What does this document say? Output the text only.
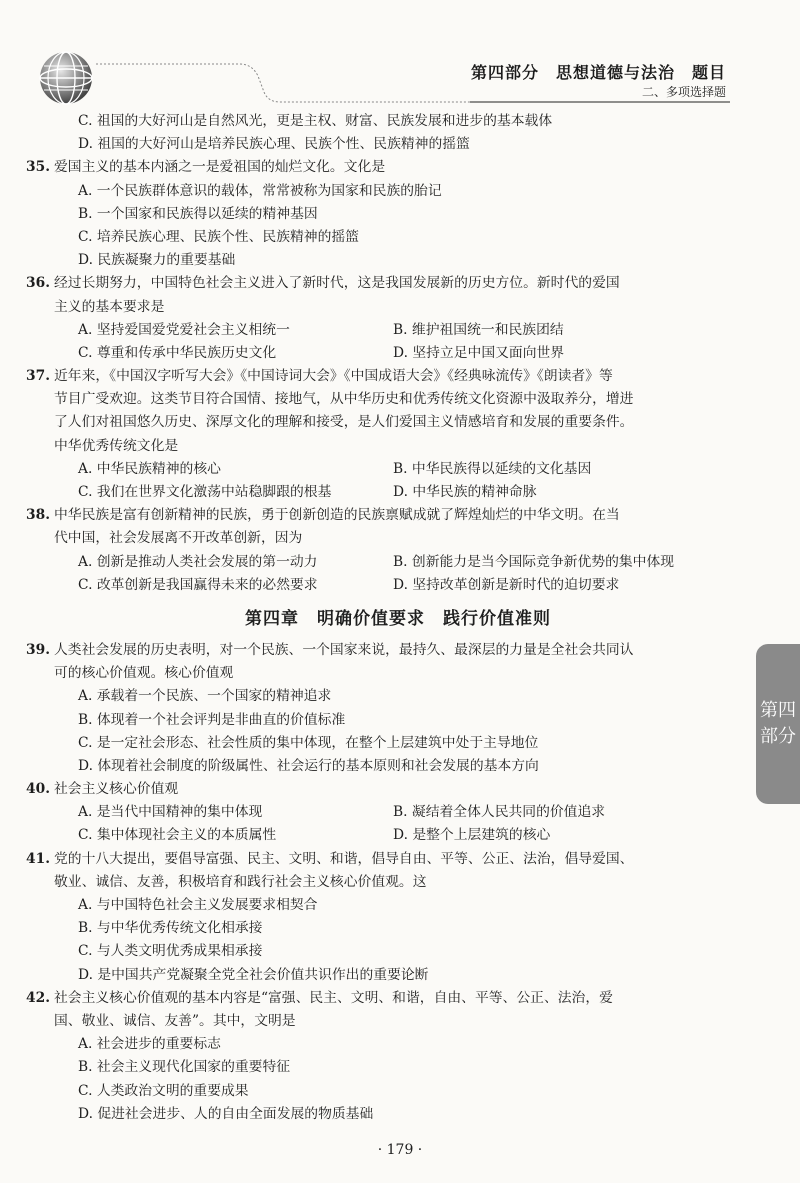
第四部分　思想道德与法治　题目
二、多项选择题
C. 祖国的大好河山是自然风光，更是主权、财富、民族发展和进步的基本载体
D. 祖国的大好河山是培养民族心理、民族个性、民族精神的摇篮
35. 爱国主义的基本内涵之一是爱祖国的灿烂文化。文化是
A. 一个民族群体意识的载体，常常被称为国家和民族的胎记
B. 一个国家和民族得以延续的精神基因
C. 培养民族心理、民族个性、民族精神的摇篮
D. 民族凝聚力的重要基础
36. 经过长期努力，中国特色社会主义进入了新时代，这是我国发展新的历史方位。新时代的爱国
主义的基本要求是
A. 坚持爱国爱党爱社会主义相统一	B. 维护祖国统一和民族团结
C. 尊重和传承中华民族历史文化	D. 坚持立足中国又面向世界
37. 近年来，《中国汉字听写大会》《中国诗词大会》《中国成语大会》《经典咏流传》《朗读者》等
节目广受欢迎。这类节目符合国情、接地气，从中华历史和优秀传统文化资源中汲取养分，增进
了人们对祖国悠久历史、深厚文化的理解和接受，是人们爱国主义情感培育和发展的重要条件。
中华优秀传统文化是
A. 中华民族精神的核心	B. 中华民族得以延续的文化基因
C. 我们在世界文化激荡中站稳脚跟的根基	D. 中华民族的精神命脉
38. 中华民族是富有创新精神的民族，勇于创新创造的民族禀赋成就了辉煌灿烂的中华文明。在当
代中国，社会发展离不开改革创新，因为
A. 创新是推动人类社会发展的第一动力	B. 创新能力是当今国际竞争新优势的集中体现
C. 改革创新是我国赢得未来的必然要求	D. 坚持改革创新是新时代的迫切要求
第四章　明确价值要求　践行价值准则
39. 人类社会发展的历史表明，对一个民族、一个国家来说，最持久、最深层的力量是全社会共同认
可的核心价值观。核心价值观
A. 承载着一个民族、一个国家的精神追求
B. 体现着一个社会评判是非曲直的价值标准
C. 是一定社会形态、社会性质的集中体现，在整个上层建筑中处于主导地位
D. 体现着社会制度的阶级属性、社会运行的基本原则和社会发展的基本方向
40. 社会主义核心价值观
A. 是当代中国精神的集中体现	B. 凝结着全体人民共同的价值追求
C. 集中体现社会主义的本质属性	D. 是整个上层建筑的核心
41. 党的十八大提出，要倡导富强、民主、文明、和谐，倡导自由、平等、公正、法治，倡导爱国、
敬业、诚信、友善，积极培育和践行社会主义核心价值观。这
A. 与中国特色社会主义发展要求相契合
B. 与中华优秀传统文化相承接
C. 与人类文明优秀成果相承接
D. 是中国共产党凝聚全党全社会价值共识作出的重要论断
42. 社会主义核心价值观的基本内容是“富强、民主、文明、和谐，自由、平等、公正、法治，爱
国、敬业、诚信、友善”。其中，文明是
A. 社会进步的重要标志
B. 社会主义现代化国家的重要特征
C. 人类政治文明的重要成果
D. 促进社会进步、人的自由全面发展的物质基础
第四
部分
· 179 ·
